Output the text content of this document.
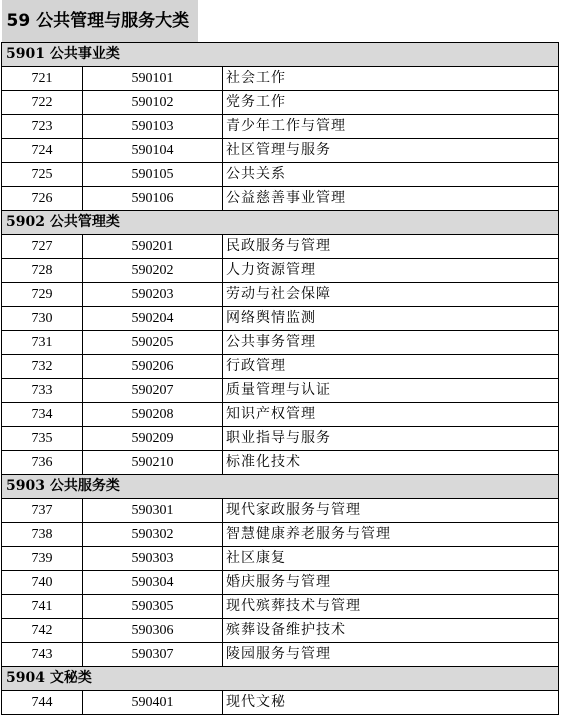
59 公共管理与服务大类		

5901 公共事业类		
721	590101	社会工作
722	590102	党务工作
723	590103	青少年工作与管理
724	590104	社区管理与服务
725	590105	公共关系
726	590106	公益慈善事业管理
5902 公共管理类		
727	590201	民政服务与管理
728	590202	人力资源管理
729	590203	劳动与社会保障
730	590204	网络舆情监测
731	590205	公共事务管理
732	590206	行政管理
733	590207	质量管理与认证
734	590208	知识产权管理
735	590209	职业指导与服务
736	590210	标准化技术
5903 公共服务类		
737	590301	现代家政服务与管理
738	590302	智慧健康养老服务与管理
739	590303	社区康复
740	590304	婚庆服务与管理
741	590305	现代殡葬技术与管理
742	590306	殡葬设备维护技术
743	590307	陵园服务与管理
5904 文秘类		
744	590401	现代文秘
